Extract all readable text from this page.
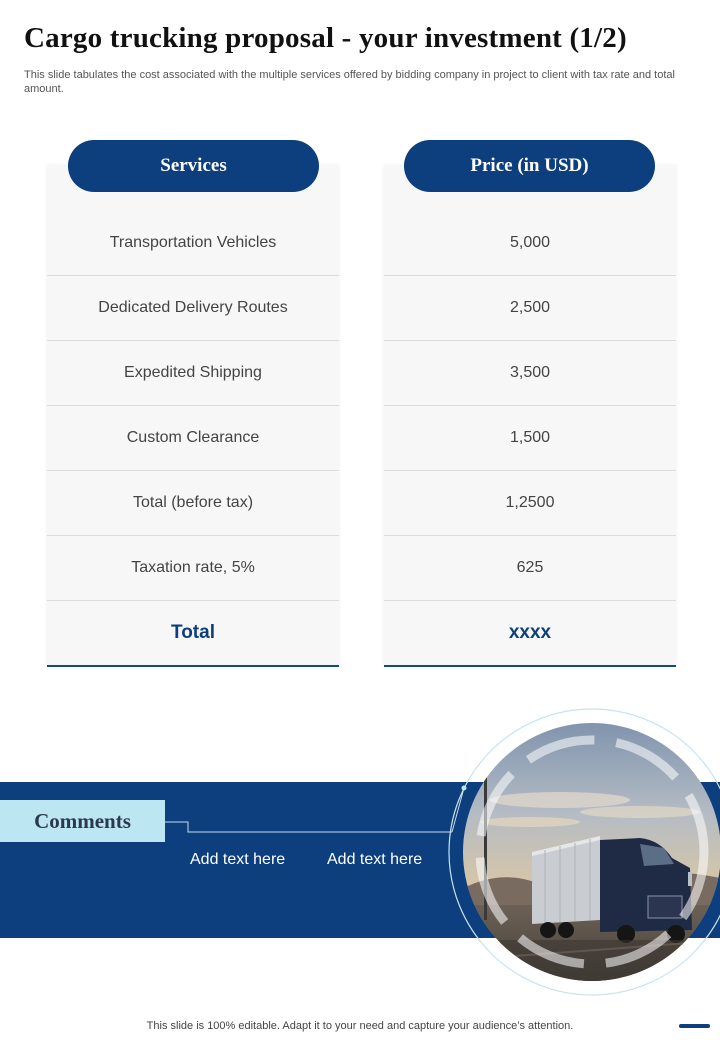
Cargo trucking proposal - your investment (1/2)

This slide tabulates the cost associated with the multiple services offered by bidding company in project to client with tax rate and total amount.

Transportation Vehicles
Dedicated Delivery Routes
Expedited Shipping
Custom Clearance
Total (before tax)
Taxation rate, 5%
Total
5,000
2,500
3,500
1,500
1,2500
625
xxxx
Services	Price (in USD)
Comments
Add text here	Add text here
This slide is 100% editable. Adapt it to your need and capture your audience’s attention.
